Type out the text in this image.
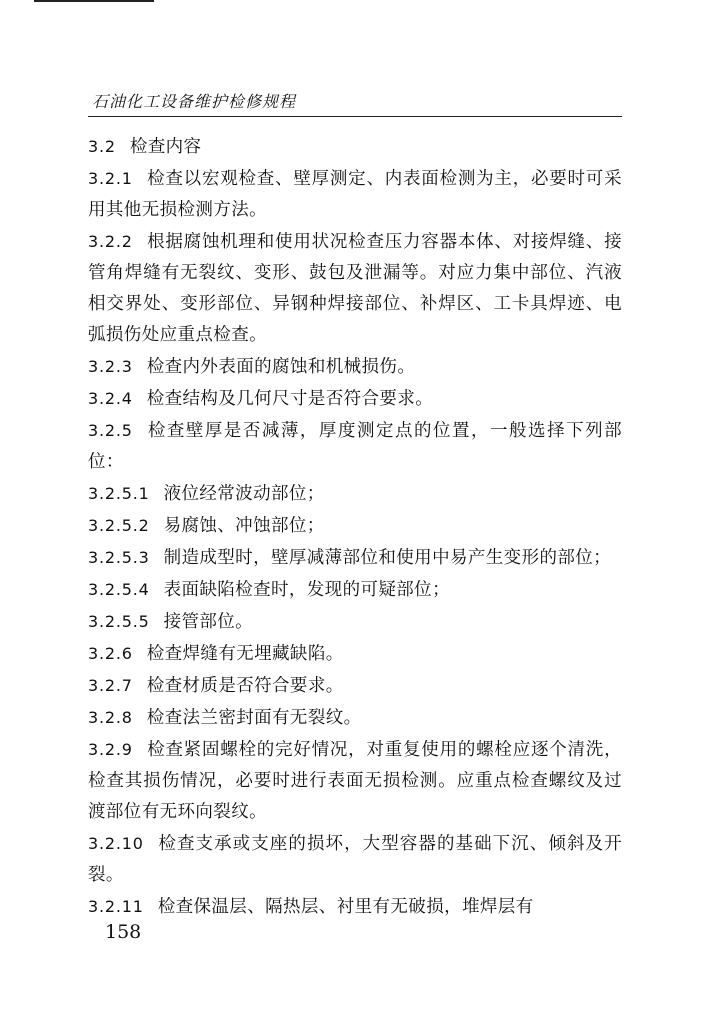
石油化工设备维护检修规程
3.2 检查内容
3.2.1 检查以宏观检查、壁厚测定、内表面检测为主，必要时可采用其他无损检测方法。
3.2.2 根据腐蚀机理和使用状况检查压力容器本体、对接焊缝、接管角焊缝有无裂纹、变形、鼓包及泄漏等。对应力集中部位、汽液相交界处、变形部位、异钢种焊接部位、补焊区、工卡具焊迹、电弧损伤处应重点检查。
3.2.3 检查内外表面的腐蚀和机械损伤。
3.2.4 检查结构及几何尺寸是否符合要求。
3.2.5 检查壁厚是否减薄，厚度测定点的位置，一般选择下列部位：
3.2.5.1 液位经常波动部位；
3.2.5.2 易腐蚀、冲蚀部位；
3.2.5.3 制造成型时，壁厚减薄部位和使用中易产生变形的部位；
3.2.5.4 表面缺陷检查时，发现的可疑部位；
3.2.5.5 接管部位。
3.2.6 检查焊缝有无埋藏缺陷。
3.2.7 检查材质是否符合要求。
3.2.8 检查法兰密封面有无裂纹。
3.2.9 检查紧固螺栓的完好情况，对重复使用的螺栓应逐个清洗，检查其损伤情况，必要时进行表面无损检测。应重点检查螺纹及过渡部位有无环向裂纹。
3.2.10 检查支承或支座的损坏，大型容器的基础下沉、倾斜及开裂。
3.2.11 检查保温层、隔热层、衬里有无破损，堆焊层有
158
